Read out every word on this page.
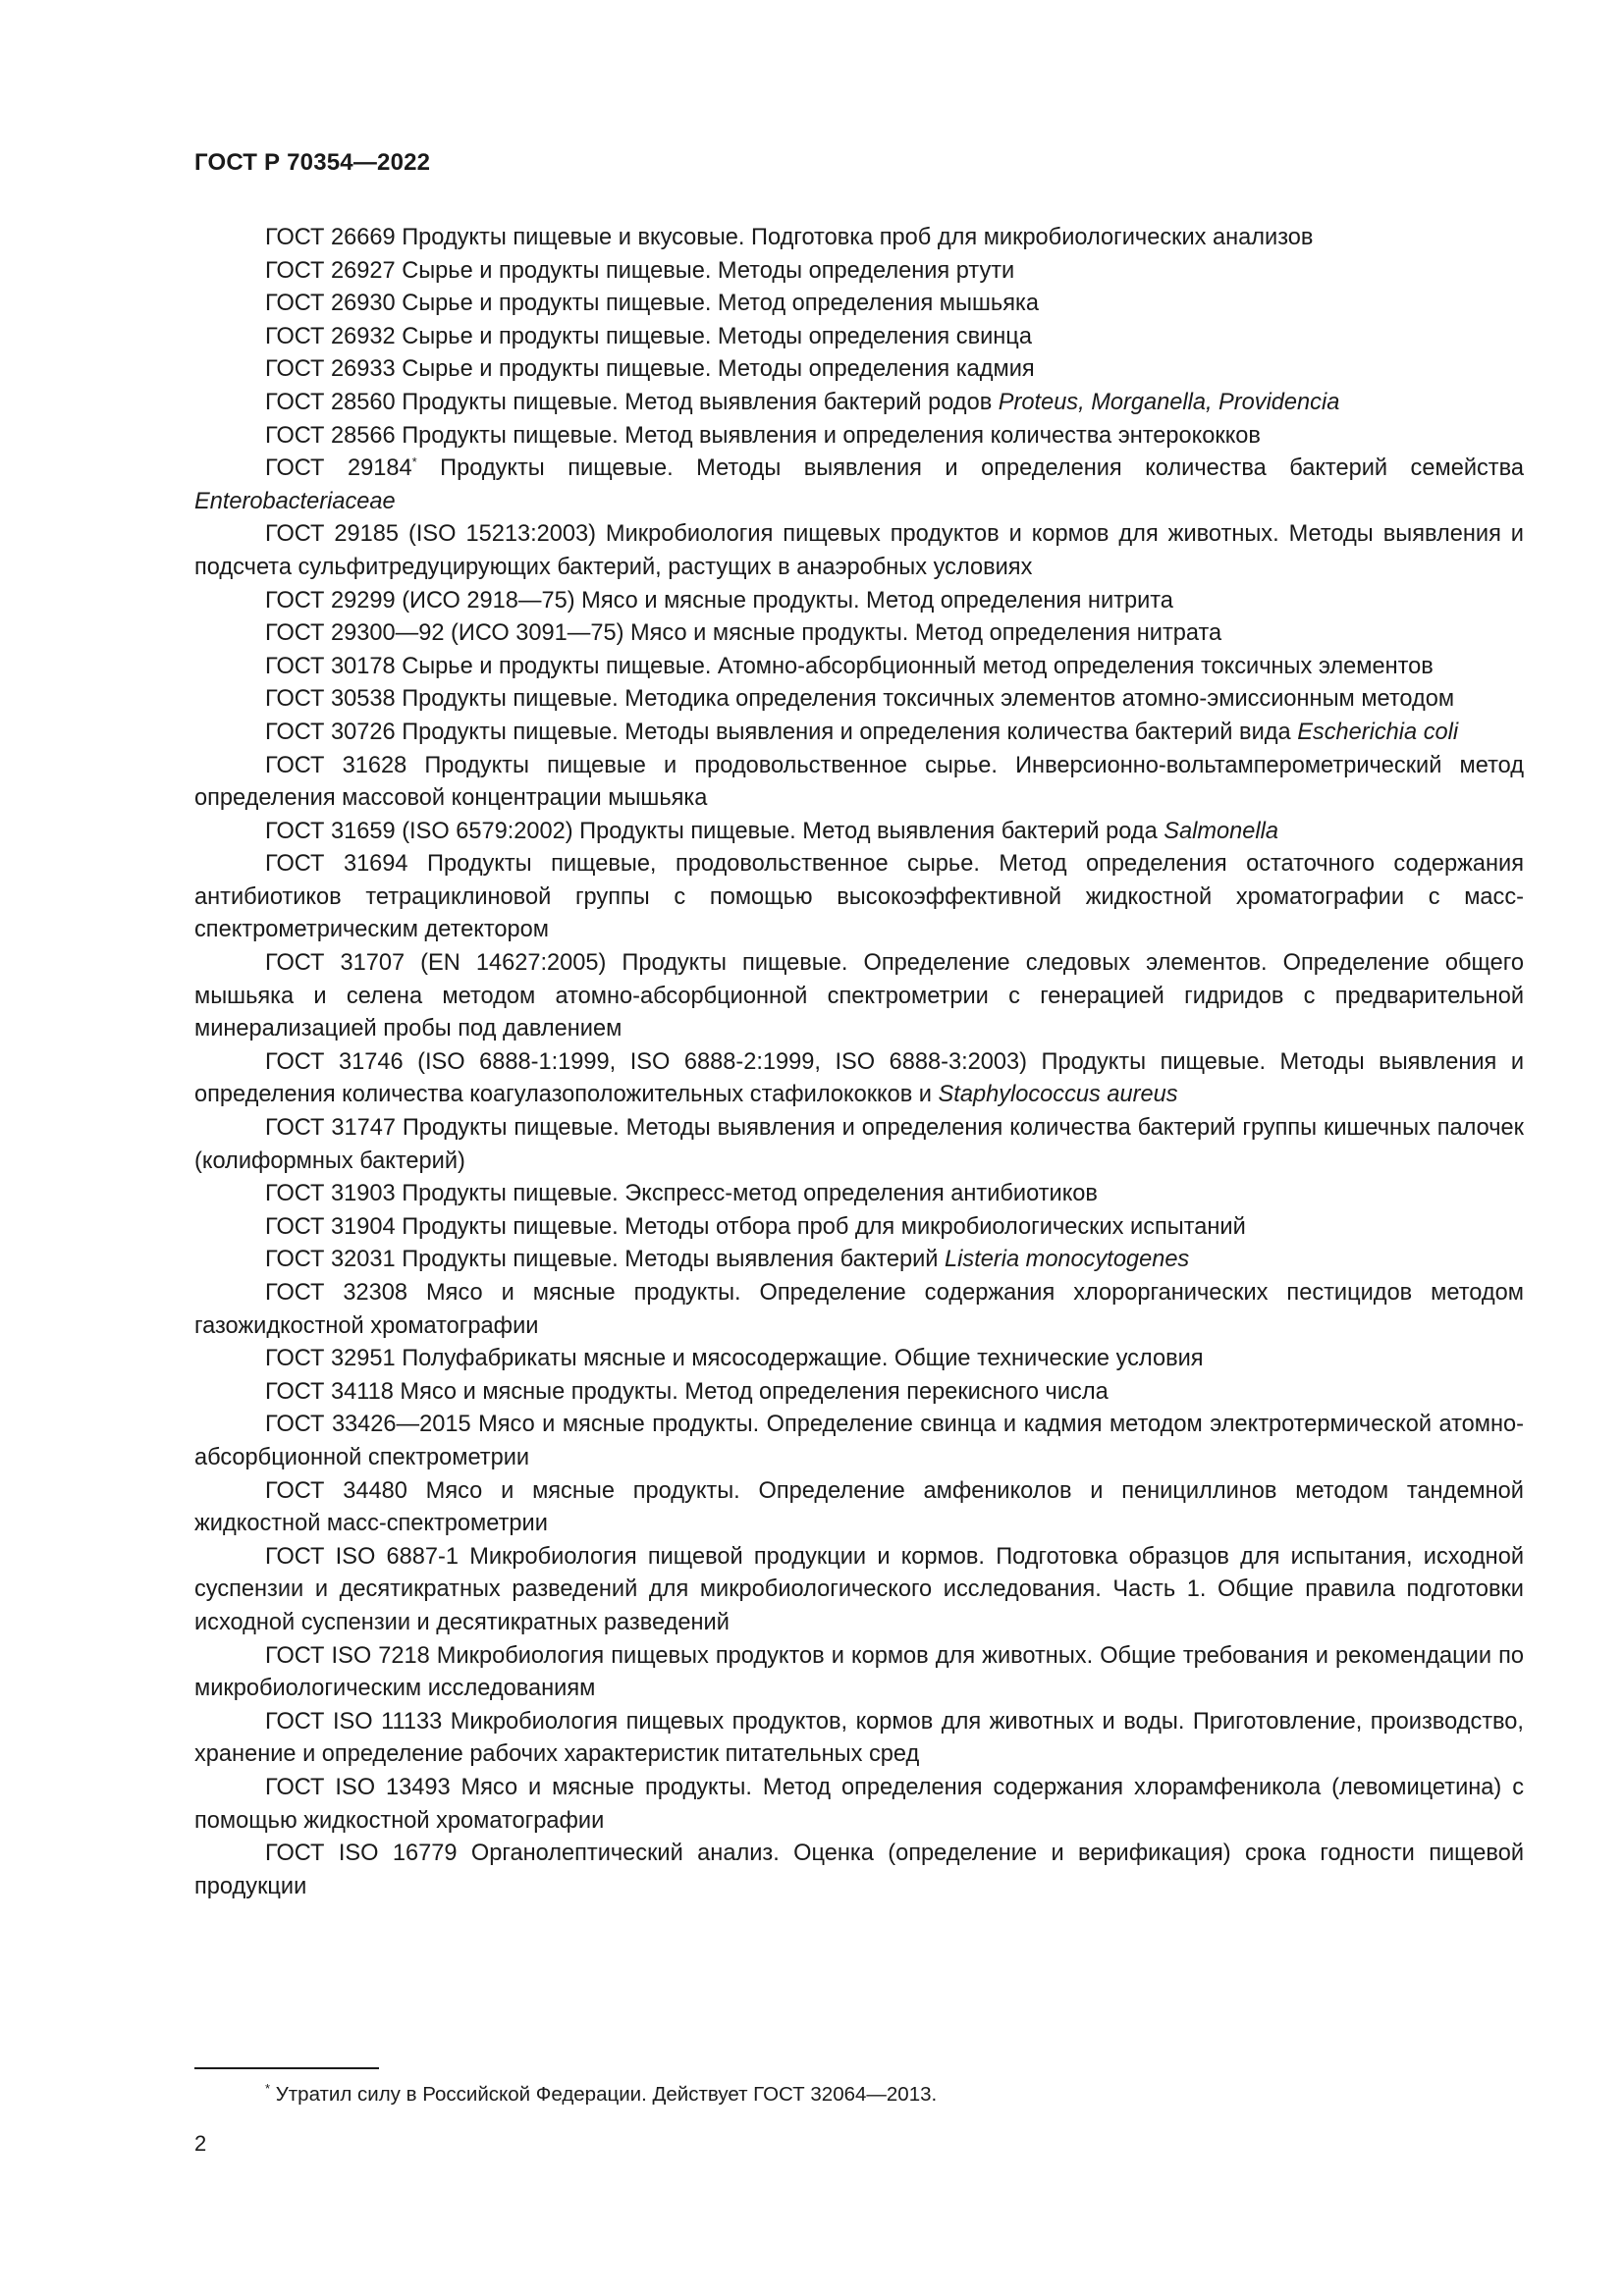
ГОСТ Р 70354—2022

ГОСТ 26669 Продукты пищевые и вкусовые. Подготовка проб для микробиологических анализов

ГОСТ 26927 Сырье и продукты пищевые. Методы определения ртути

ГОСТ 26930 Сырье и продукты пищевые. Метод определения мышьяка

ГОСТ 26932 Сырье и продукты пищевые. Методы определения свинца

ГОСТ 26933 Сырье и продукты пищевые. Методы определения кадмия

ГОСТ 28560 Продукты пищевые. Метод выявления бактерий родов Proteus, Morganella, Providencia

ГОСТ 28566 Продукты пищевые. Метод выявления и определения количества энтерококков

ГОСТ 29184* Продукты пищевые. Методы выявления и определения количества бактерий семейства Enterobacteriaceae

ГОСТ 29185 (ISO 15213:2003) Микробиология пищевых продуктов и кормов для животных. Методы выявления и подсчета сульфитредуцирующих бактерий, растущих в анаэробных условиях

ГОСТ 29299 (ИСО 2918—75) Мясо и мясные продукты. Метод определения нитрита

ГОСТ 29300—92 (ИСО 3091—75) Мясо и мясные продукты. Метод определения нитрата

ГОСТ 30178 Сырье и продукты пищевые. Атомно-абсорбционный метод определения токсичных элементов

ГОСТ 30538 Продукты пищевые. Методика определения токсичных элементов атомно-эмиссионным методом

ГОСТ 30726 Продукты пищевые. Методы выявления и определения количества бактерий вида Escherichia coli

ГОСТ 31628 Продукты пищевые и продовольственное сырье. Инверсионно-вольтамперометрический метод определения массовой концентрации мышьяка

ГОСТ 31659 (ISO 6579:2002) Продукты пищевые. Метод выявления бактерий рода Salmonella

ГОСТ 31694 Продукты пищевые, продовольственное сырье. Метод определения остаточного содержания антибиотиков тетрациклиновой группы с помощью высокоэффективной жидкостной хроматографии с масс-спектрометрическим детектором

ГОСТ 31707 (EN 14627:2005) Продукты пищевые. Определение следовых элементов. Определение общего мышьяка и селена методом атомно-абсорбционной спектрометрии с генерацией гидридов с предварительной минерализацией пробы под давлением

ГОСТ 31746 (ISO 6888-1:1999, ISO 6888-2:1999, ISO 6888-3:2003) Продукты пищевые. Методы выявления и определения количества коагулазоположительных стафилококков и Staphylococcus aureus

ГОСТ 31747 Продукты пищевые. Методы выявления и определения количества бактерий группы кишечных палочек (колиформных бактерий)

ГОСТ 31903 Продукты пищевые. Экспресс-метод определения антибиотиков

ГОСТ 31904 Продукты пищевые. Методы отбора проб для микробиологических испытаний

ГОСТ 32031 Продукты пищевые. Методы выявления бактерий Listeria monocytogenes

ГОСТ 32308 Мясо и мясные продукты. Определение содержания хлорорганических пестицидов методом газожидкостной хроматографии

ГОСТ 32951 Полуфабрикаты мясные и мясосодержащие. Общие технические условия

ГОСТ 34118 Мясо и мясные продукты. Метод определения перекисного числа

ГОСТ 33426—2015 Мясо и мясные продукты. Определение свинца и кадмия методом электротермической атомно-абсорбционной спектрометрии

ГОСТ 34480 Мясо и мясные продукты. Определение амфениколов и пенициллинов методом тандемной жидкостной масс-спектрометрии

ГОСТ ISO 6887-1 Микробиология пищевой продукции и кормов. Подготовка образцов для испытания, исходной суспензии и десятикратных разведений для микробиологического исследования. Часть 1. Общие правила подготовки исходной суспензии и десятикратных разведений

ГОСТ ISO 7218 Микробиология пищевых продуктов и кормов для животных. Общие требования и рекомендации по микробиологическим исследованиям

ГОСТ ISO 11133 Микробиология пищевых продуктов, кормов для животных и воды. Приготовление, производство, хранение и определение рабочих характеристик питательных сред

ГОСТ ISO 13493 Мясо и мясные продукты. Метод определения содержания хлорамфеникола (левомицетина) с помощью жидкостной хроматографии

ГОСТ ISO 16779 Органолептический анализ. Оценка (определение и верификация) срока годности пищевой продукции

* Утратил силу в Российской Федерации. Действует ГОСТ 32064—2013.
2
